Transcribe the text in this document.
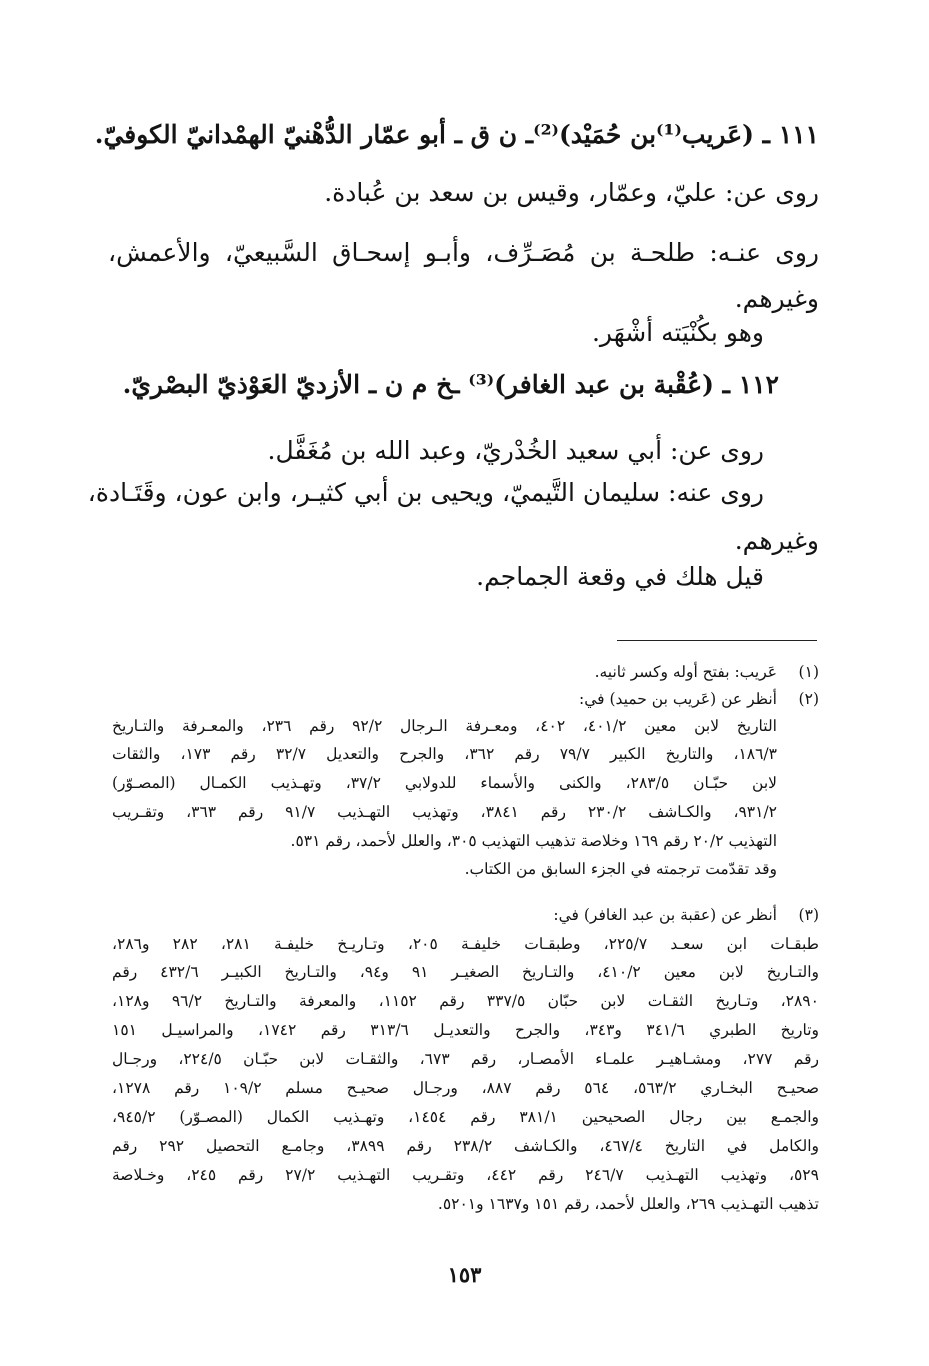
١١١ ـ (عَريب⁽¹⁾بن حُمَيْد)⁽²⁾ـ ن ق ـ أبو عمّار الدُّهْنيّ الهمْدانيّ الكوفيّ.

روى عن: عليّ، وعمّار، وقيس بن سعد بن عُبادة.

روى عنـه: طلحـة بن مُصَـرِّف، وأبـو إسحـاق السَّبيعيّ، والأعمش،

وغيرهم.

وهو بكُنْيَته أشْهَر.

١١٢ ـ (عُقْبة بن عبد الغافر)⁽³⁾ ـخ م ن ـ الأزديّ العَوْذيّ البصْريّ.

روى عن: أبي سعيد الخُدْريّ، وعبد الله بن مُغَفَّل.

روى عنه: سليمان التَّيميّ، ويحيى بن أبي كثيـر، وابن عون، وقَتَـادة،

وغيرهم.

قيل هلك في وقعة الجماجم.

(١)

عَريب: بفتح أوله وكسر ثانيه.

(٢)

أنظر عن (عَريب بن حميد) في:

التاريخ لابن معين ٤٠١/٢، ٤٠٢، ومعـرفة الـرجال ٩٢/٢ رقم ٢٣٦، والمعـرفة والتـاريخ

١٨٦/٣، والتاريخ الكبير ٧٩/٧ رقم ٣٦٢، والجرح والتعديل ٣٢/٧ رقم ١٧٣، والثقات

لابن حبّـان ٢٨٣/٥، والكنى والأسماء للدولابي ٣٧/٢، وتهـذيب الكمـال (المصـوّر)

٩٣١/٢، والكـاشف ٢٣٠/٢ رقم ٣٨٤١، وتهذيب التهـذيب ٩١/٧ رقم ٣٦٣، وتقـريب

التهذيب ٢٠/٢ رقم ١٦٩ وخلاصة تذهيب التهذيب ٣٠٥، والعلل لأحمد، رقم ٥٣١.

وقد تقدّمت ترجمته في الجزء السابق من الكتاب.

(٣)

أنظر عن (عقبة بن عبد الغافر) في:

طبقـات ابن سعـد ٢٢٥/٧، وطبقـات خليفـة ٢٠٥، وتـاريـخ خليفـة ٢٨١، ٢٨٢ و٢٨٦،

والتـاريخ لابن معين ٤١٠/٢، والتـاريخ الصغيـر ٩١ و٩٤، والتـاريخ الكبيـر ٤٣٢/٦ رقم

٢٨٩٠، وتـاريخ الثقـات لابن حبّان ٣٣٧/٥ رقم ١١٥٢، والمعرفة والتـاريخ ٩٦/٢ و١٢٨،

وتاريخ الطبري ٣٤١/٦ و٣٤٣، والجرح والتعديـل ٣١٣/٦ رقم ١٧٤٢، والمراسيـل ١٥١

رقم ٢٧٧، ومشـاهيـر علمـاء الأمصـار، رقم ٦٧٣، والثقـات لابن حبّـان ٢٢٤/٥، ورجـال

صحيـح البخـاري ٥٦٣/٢، ٥٦٤ رقم ٨٨٧، ورجـال صحيـح مسلم ١٠٩/٢ رقم ١٢٧٨،

والجمـع بين رجال الصحيحين ٣٨١/١ رقم ١٤٥٤، وتهـذيب الكمال (المصـوّر) ٩٤٥/٢،

والكامل في التاريخ ٤٦٧/٤، والكـاشف ٢٣٨/٢ رقم ٣٨٩٩، وجامـع التحصيل ٢٩٢ رقم

٥٢٩، وتهذيب التهـذيب ٢٤٦/٧ رقم ٤٤٢، وتقـريب التهـذيب ٢٧/٢ رقم ٢٤٥، وخـلاصة

تذهيب التهـذيب ٢٦٩، والعلل لأحمد، رقم ١٥١ و١٦٣٧ و٥٢٠١.

١٥٣
